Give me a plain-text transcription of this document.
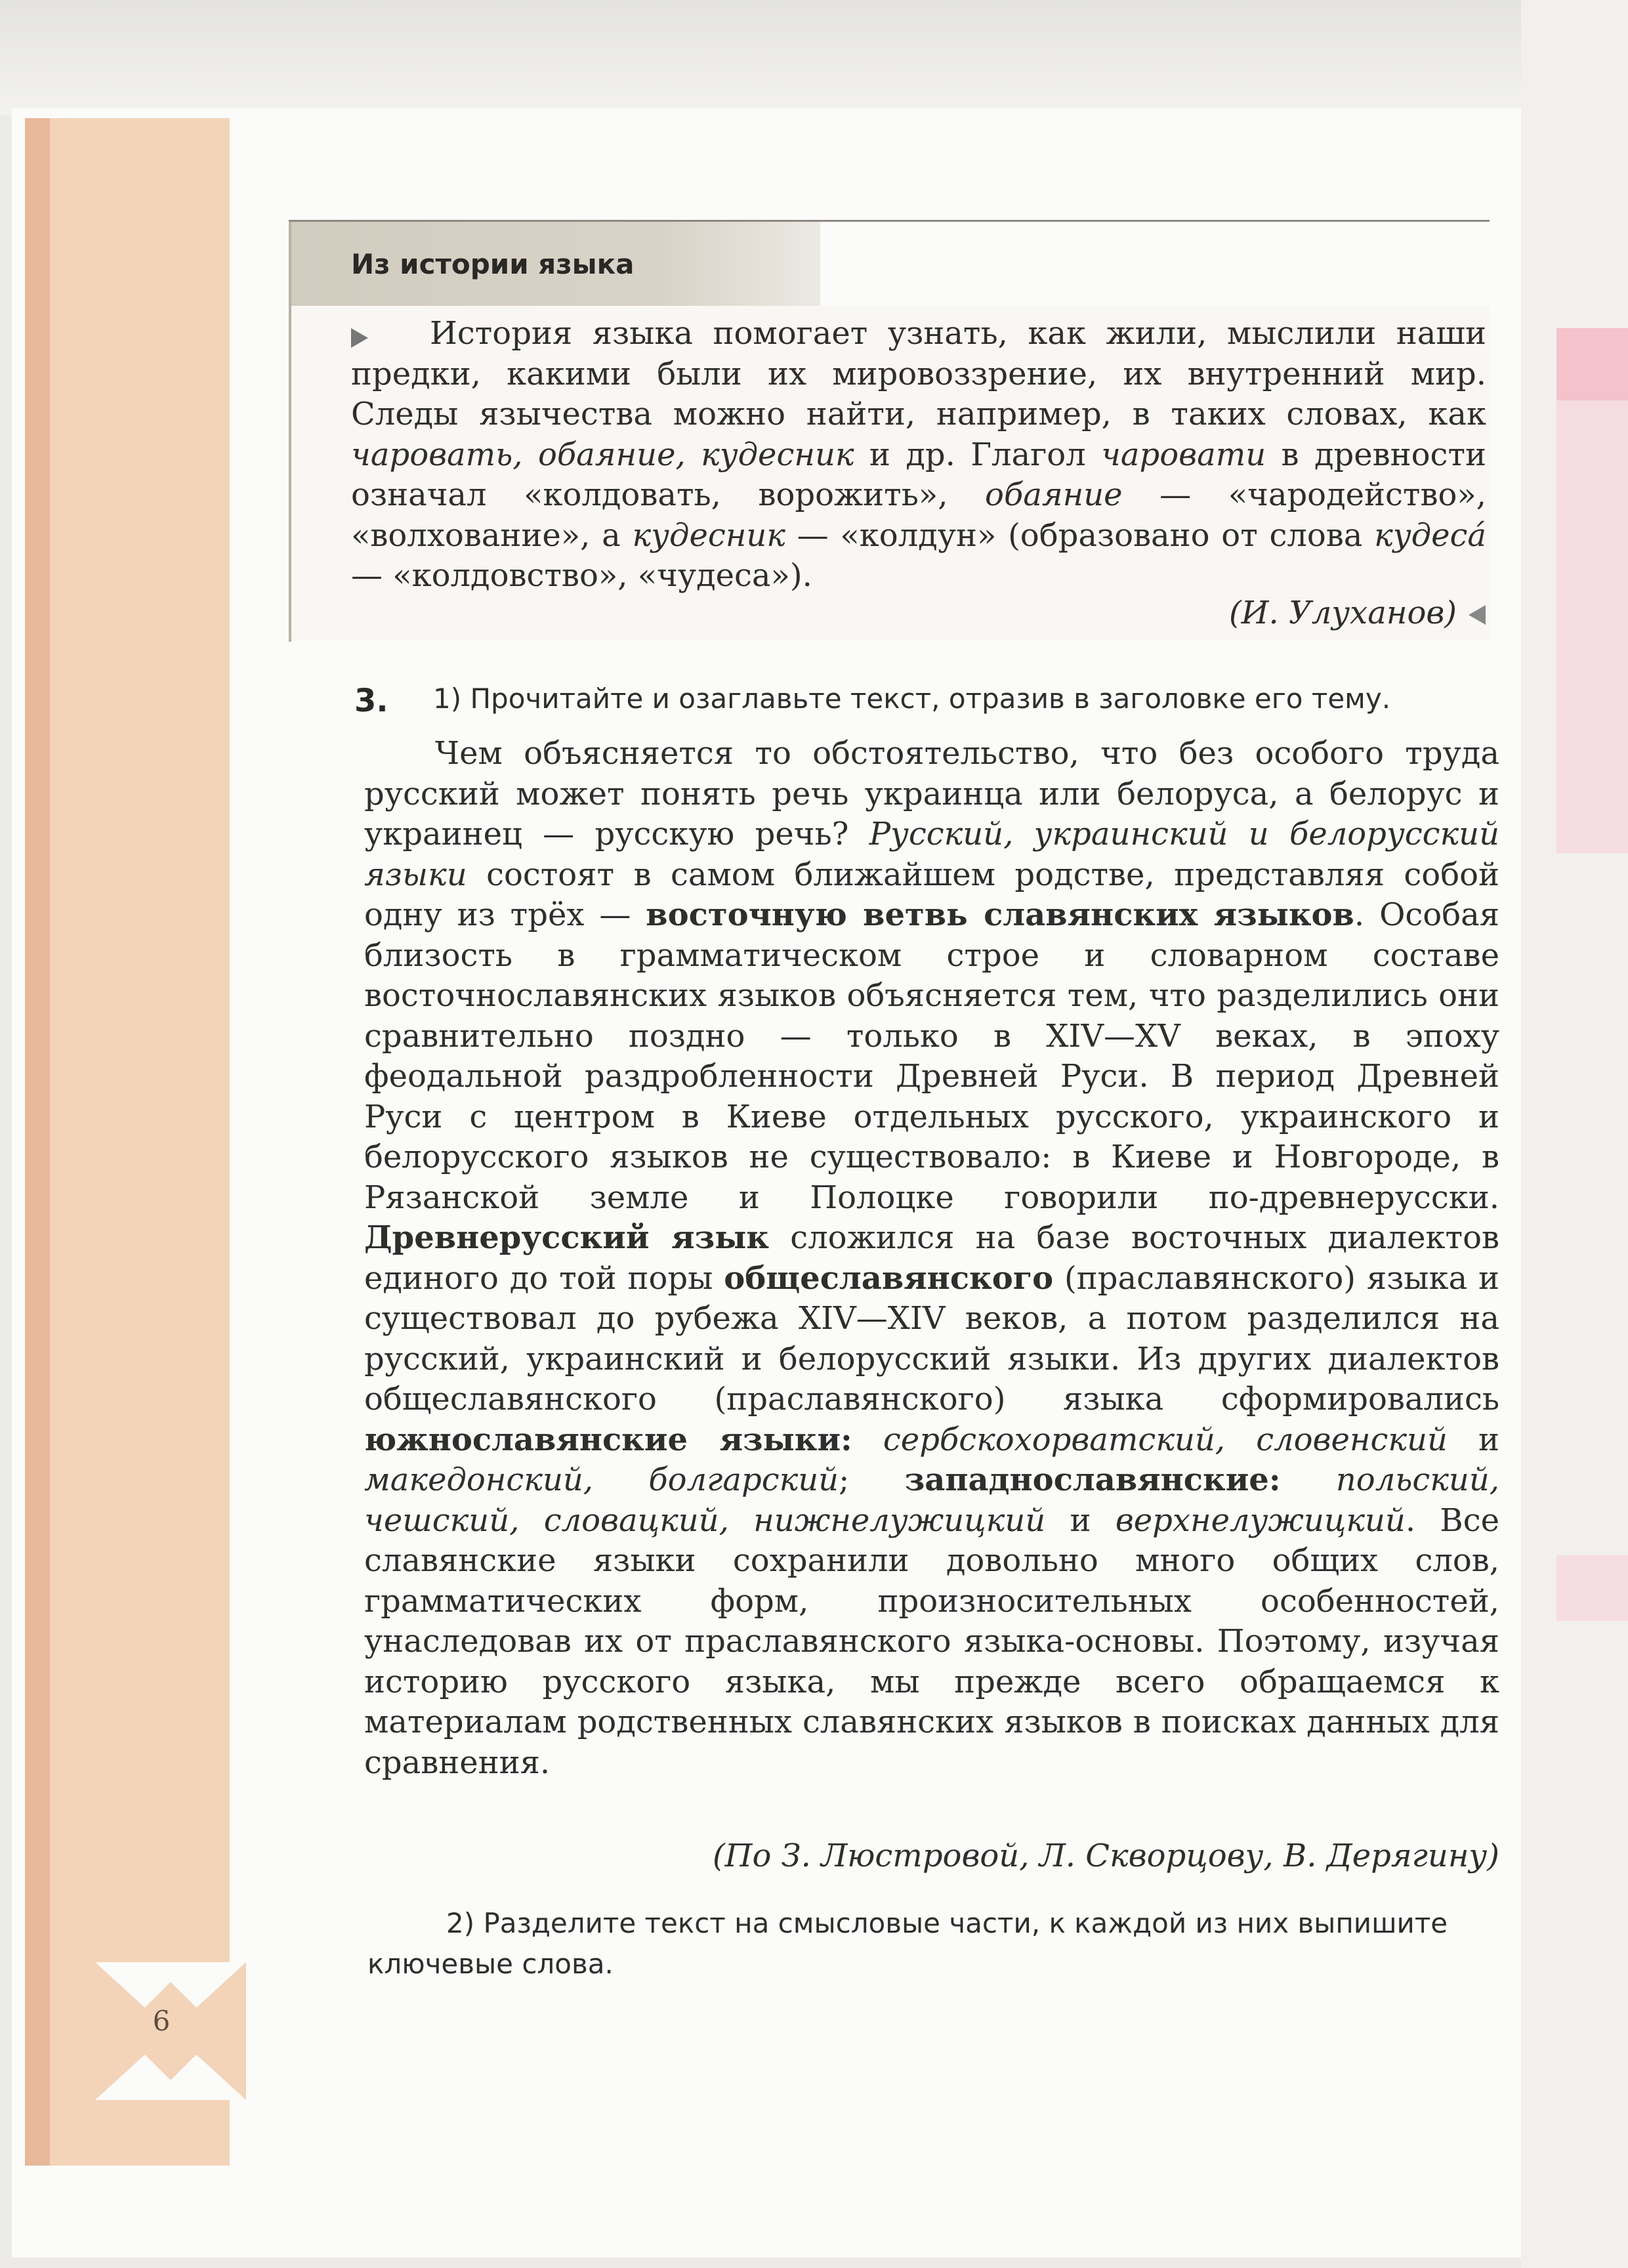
6
Из истории языка

История языка помогает узнать, как жили, мыслили наши предки, какими были их мировоззрение, их внутренний мир. Следы язычества можно найти, например, в таких словах, как чаровать, обаяние, кудесник и др. Глагол чаровати в древности означал «колдовать, ворожить», обаяние — «чародейство», «волхование», а кудесник — «колдун» (образовано от слова кудеса́ — «колдовство», «чудеса»).

(И. Улуханов)
3. 1) Прочитайте и озаглавьте текст, отразив в заголовке его тему.

Чем объясняется то обстоятельство, что без особого труда русский может понять речь украинца или белоруса, а белорус и украинец — русскую речь? Русский, украинский и белорусский языки состоят в самом ближайшем родстве, представляя собой одну из трёх — восточную ветвь славянских языков. Особая близость в грамматическом строе и словарном составе восточнославянских языков объясняется тем, что разделились они сравнительно поздно — только в XIV—XV веках, в эпоху феодальной раздробленности Древней Руси. В период Древней Руси с центром в Киеве отдельных русского, украинского и белорусского языков не существовало: в Киеве и Новгороде, в Рязанской земле и Полоцке говорили по-древнерусски. Древнерусский язык сложился на базе восточных диалектов единого до той поры общеславянского (праславянского) языка и существовал до рубежа XIV—XIV веков, а потом разделился на русский, украинский и белорусский языки. Из других диалектов общеславянского (праславянского) языка сформировались южнославянские языки: сербскохорватский, словенский и македонский, болгарский; западнославянские: польский, чешский, словацкий, нижнелужицкий и верхнелужицкий. Все славянские языки сохранили довольно много общих слов, грамматических форм, произносительных особенностей, унаследовав их от праславянского языка-основы. Поэтому, изучая историю русского языка, мы прежде всего обращаемся к материалам родственных славянских языков в поисках данных для сравнения.

(По З. Люстровой, Л. Скворцову, В. Дерягину)

2) Разделите текст на смысловые части, к каждой из них выпишите ключевые слова.
